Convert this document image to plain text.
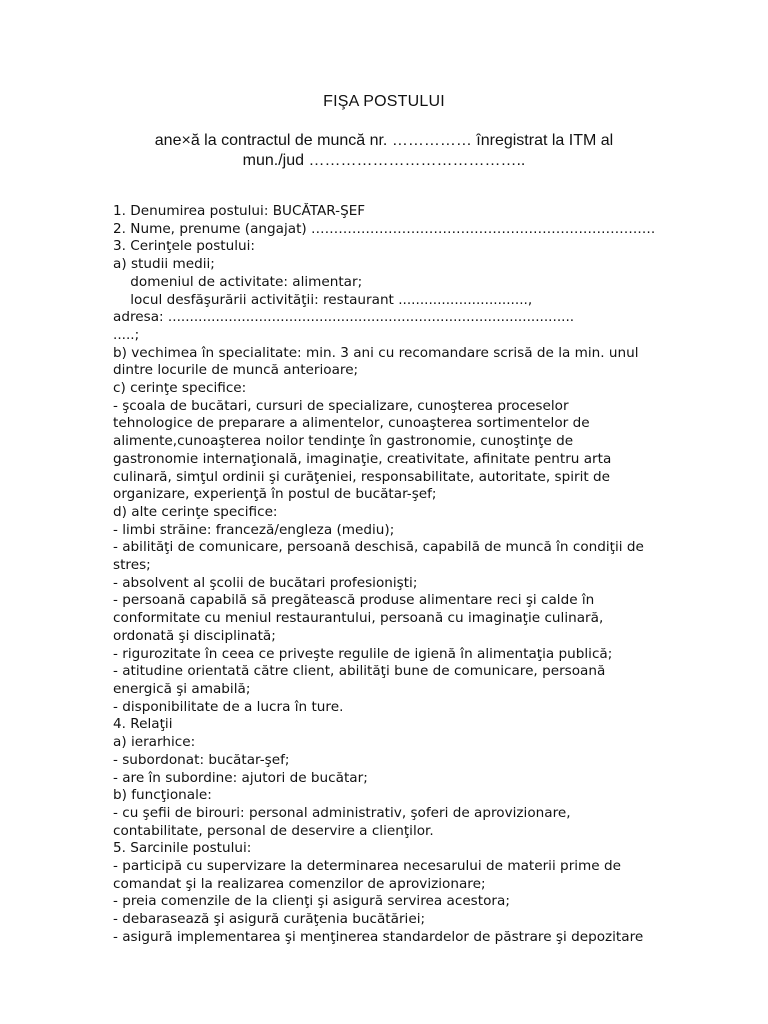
FIŞA POSTULUI
ane×ă la contractul de muncă nr. …………… înregistrat la ITM al
mun./jud …………………………………..
1. Denumirea postului: BUCĂTAR-ŞEF
2. Nume, prenume (angajat) ………………………………………………………………….
3. Cerinţele postului:
a) studii medii;
domeniul de activitate: alimentar;
locul desfăşurării activităţii: restaurant ..............................,
adresa: ..............................................................................................
.....;
b) vechimea în specialitate: min. 3 ani cu recomandare scrisă de la min. unul
dintre locurile de muncă anterioare;
c) cerinţe specifice:
- şcoala de bucătari, cursuri de specializare, cunoşterea proceselor
tehnologice de preparare a alimentelor, cunoaşterea sortimentelor de
alimente,cunoaşterea noilor tendinţe în gastronomie, cunoştinţe de
gastronomie internaţională, imaginaţie, creativitate, afinitate pentru arta
culinară, simţul ordinii şi curăţeniei, responsabilitate, autoritate, spirit de
organizare, experienţă în postul de bucătar-şef;
d) alte cerinţe specifice:
- limbi străine: franceză/engleza (mediu);
- abilităţi de comunicare, persoană deschisă, capabilă de muncă în condiţii de
stres;
- absolvent al şcolii de bucătari profesionişti;
- persoană capabilă să pregătească produse alimentare reci şi calde în
conformitate cu meniul restaurantului, persoană cu imaginaţie culinară,
ordonată şi disciplinată;
- rigurozitate în ceea ce priveşte regulile de igienă în alimentaţia publică;
- atitudine orientată către client, abilităţi bune de comunicare, persoană
energică şi amabilă;
- disponibilitate de a lucra în ture.
4. Relaţii
a) ierarhice:
- subordonat: bucătar-şef;
- are în subordine: ajutori de bucătar;
b) funcţionale:
- cu şefii de birouri: personal administrativ, şoferi de aprovizionare,
contabilitate, personal de deservire a clienţilor.
5. Sarcinile postului:
- participă cu supervizare la determinarea necesarului de materii prime de
comandat şi la realizarea comenzilor de aprovizionare;
- preia comenzile de la clienţi şi asigură servirea acestora;
- debarasează şi asigură curăţenia bucătăriei;
- asigură implementarea şi menţinerea standardelor de păstrare şi depozitare
